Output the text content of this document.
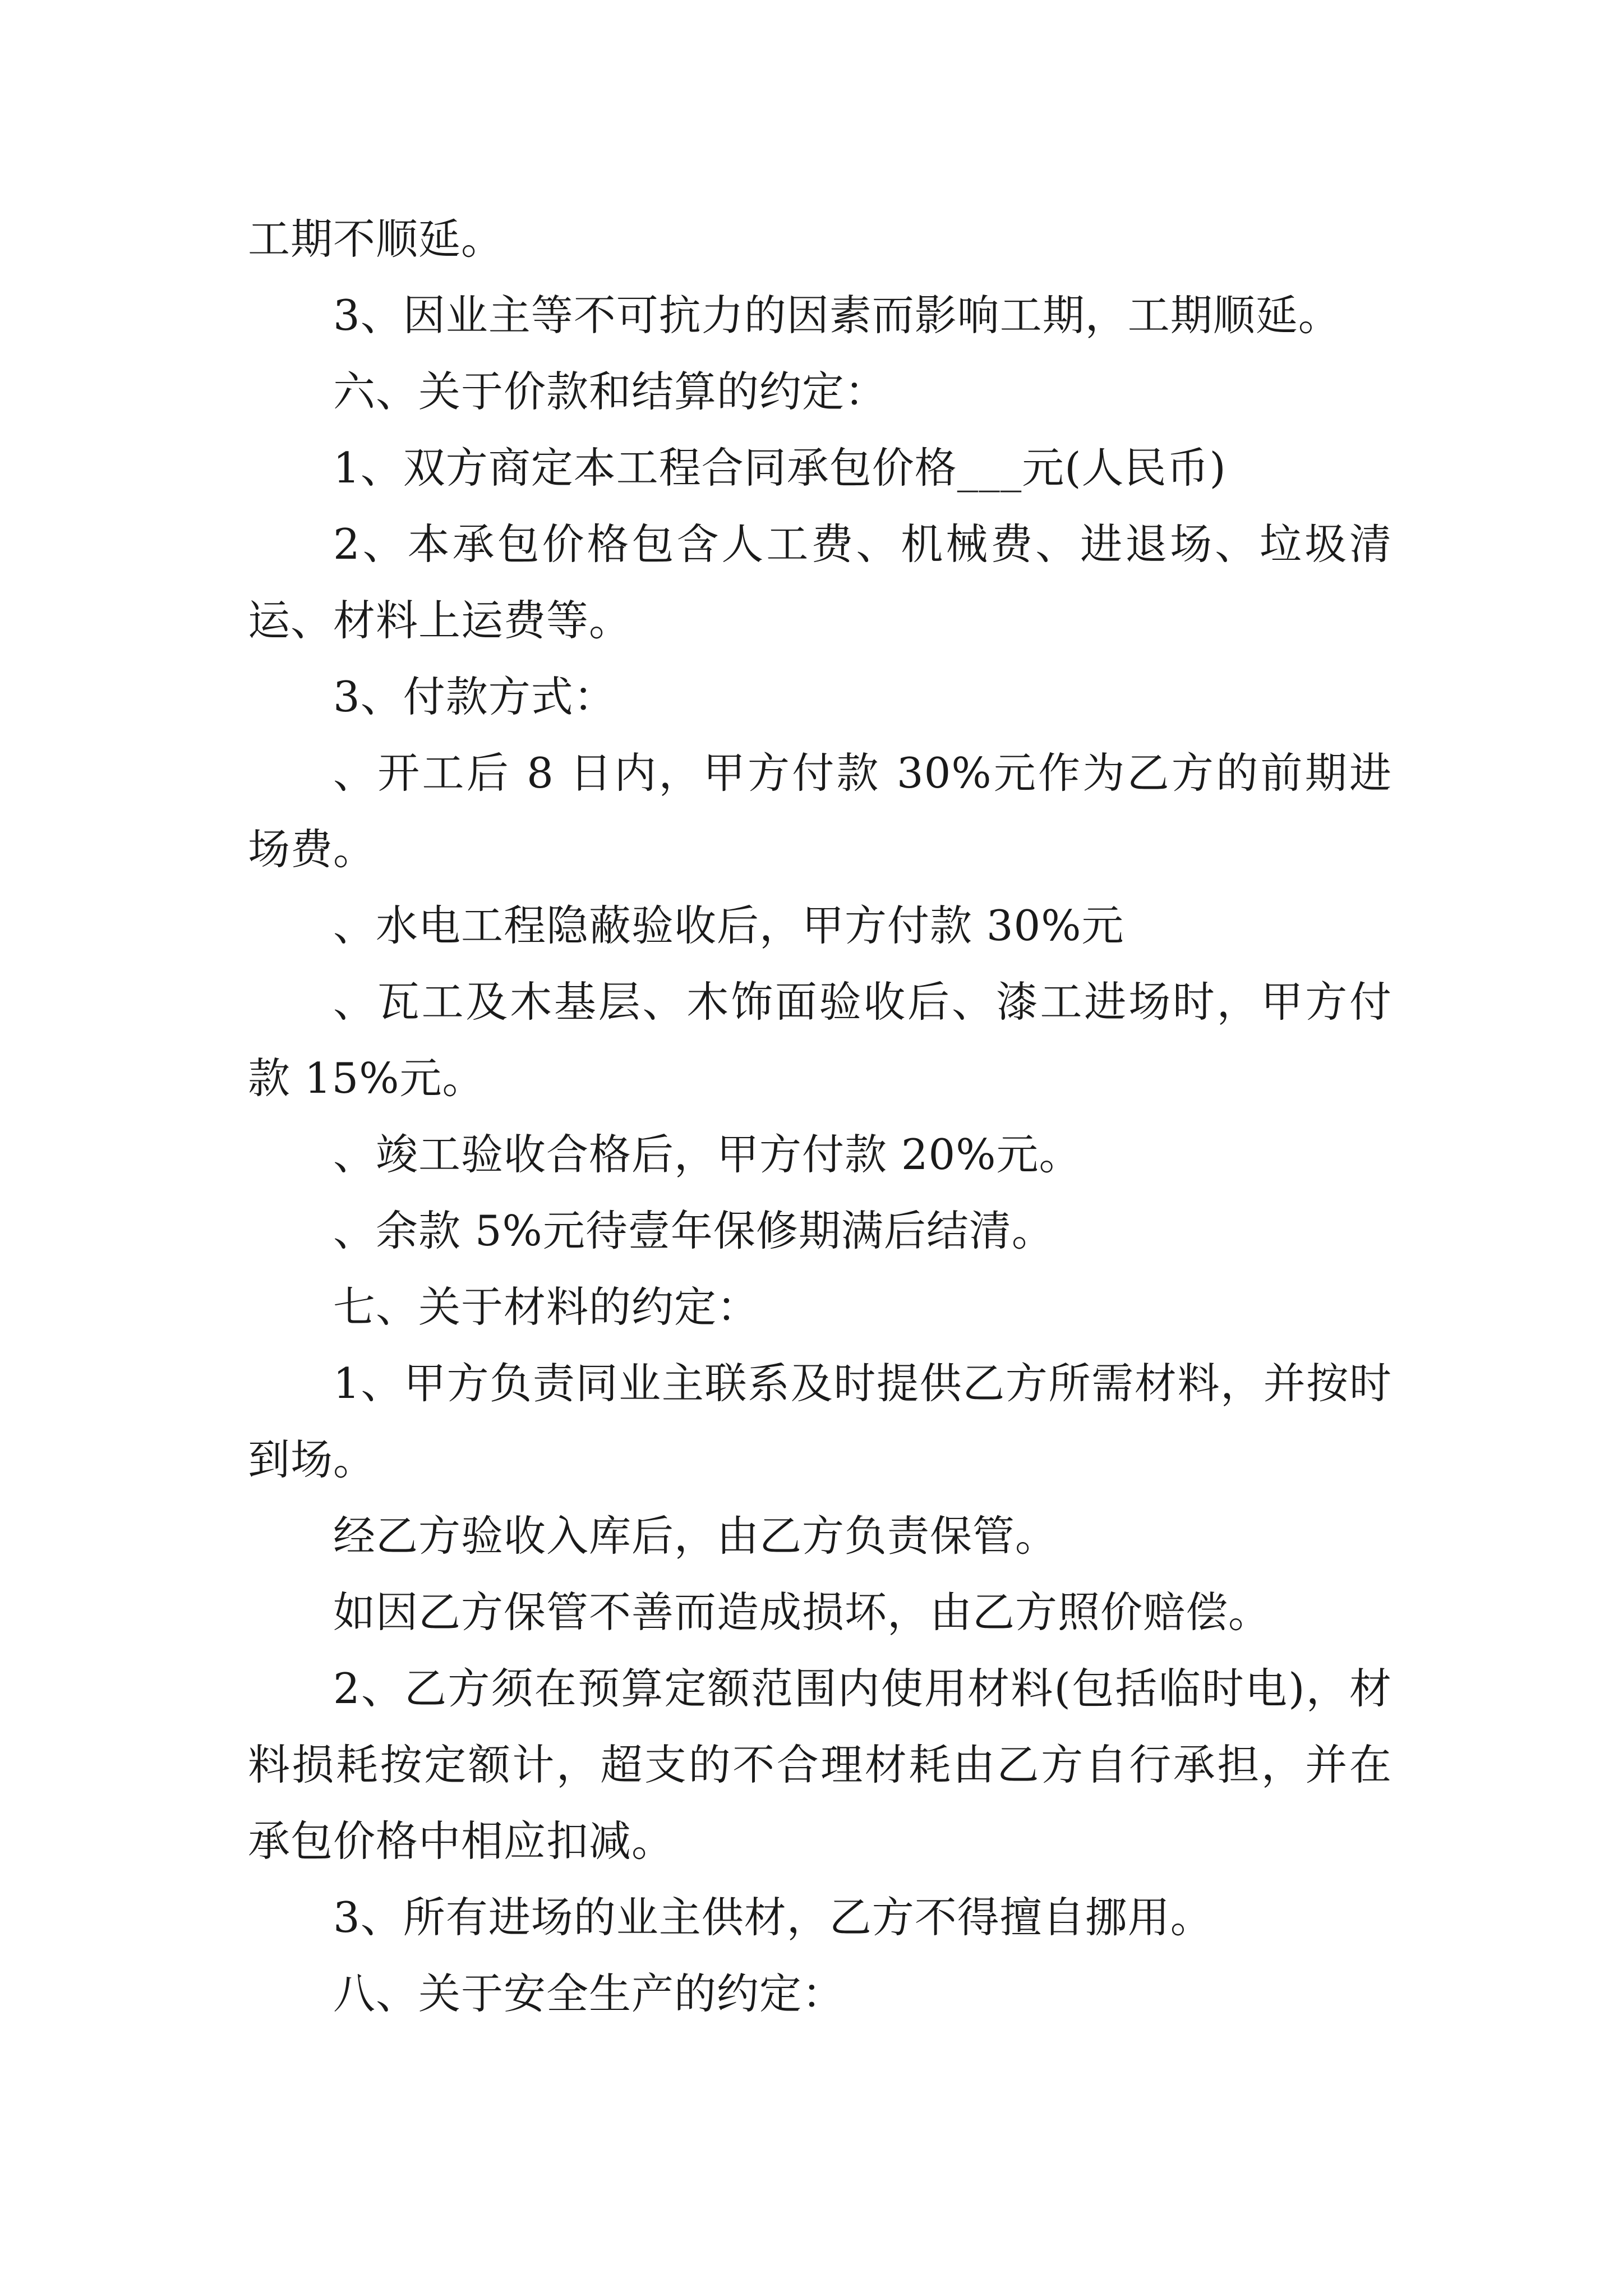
工期不顺延。

3、因业主等不可抗力的因素而影响工期，工期顺延。

六、关于价款和结算的约定：

1、双方商定本工程合同承包价格___元(人民币)

2、本承包价格包含人工费、机械费、进退场、垃圾清运、材料上运费等。

3、付款方式：

、开工后 8 日内，甲方付款 30%元作为乙方的前期进场费。

、水电工程隐蔽验收后，甲方付款 30%元

、瓦工及木基层、木饰面验收后、漆工进场时，甲方付款 15%元。

、竣工验收合格后，甲方付款 20%元。

、余款 5%元待壹年保修期满后结清。

七、关于材料的约定：

1、甲方负责同业主联系及时提供乙方所需材料，并按时到场。

经乙方验收入库后，由乙方负责保管。

如因乙方保管不善而造成损坏，由乙方照价赔偿。

2、乙方须在预算定额范围内使用材料(包括临时电)，材料损耗按定额计，超支的不合理材耗由乙方自行承担，并在承包价格中相应扣减。

3、所有进场的业主供材，乙方不得擅自挪用。

八、关于安全生产的约定：
